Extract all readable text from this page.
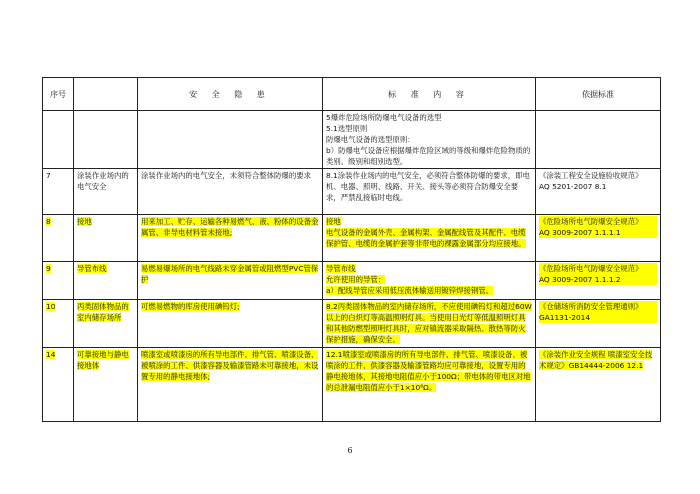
序号		安 全 隐 患	标 准 内 容	依据标准

			5爆炸危险场所防爆电气设备的选型
5.1选型原则
防爆电气设备的选型原则：
b）防爆电气设备应根据爆炸危险区域的等级和爆炸危险物质的类别、级别和组别选型。	

7	涂装作业场内的电气安全	涂装作业场内的电气安全，未须符合整体防爆的要求	8.1涂装作业场内的电气安全，必须符合整体防爆的要求，即电机、电器、照明、线路、开关、接头等必须符合防爆安全要求，严禁乱接临时电线。	《涂装工程安全设施验收规范》
AQ 5201-2007 8.1

8	接地	用来加工、贮存、运输各种易燃气、液、粉体的设备金属管、非导电材料管未接地;	接地
电气设备的金属外壳、金属构架、金属配线管及其配件、电缆保护管、电缆的金属护套等非带电的裸露金属部分均应接地。	《危险场所电气防爆安全规范》
AQ 3009-2007 1.1.1.1

9	导管布线	易燃易爆场所的电气线路未穿金属管或阻燃型PVC管保护	导管布线
允许使用的导管：
a）配线导管应采用低压流体输送用镀锌焊接钢管。	《危险场所电气防爆安全规范》
AQ 3009-2007 1.1.1.2

10	丙类固体物品的室内储存场所	可燃易燃物的库房使用碘钨灯;	8.2丙类固体物品的室内储存场所，不应使用碘钨灯和超过60W以上的白炽灯等高温照明灯具。当使用日光灯等低温照明灯具和其他防燃型照明灯具时，应对镇流器采取隔热、散热等防火保护措施，确保安全。	《仓储场所消防安全管理通则》
GA1131-2014

14	可靠接地与静电接地体	喷漆室或喷漆房的所有导电部件、排气管、喷漆设备、被喷涂的工件、供漆容器及输漆管路未可靠接地，未设置专用的静电接地体;	12.1喷漆室或喷漆房的所有导电部件、排气管、喷漆设备、被喷涂的工件、供漆容器及输漆管路均应可靠接地，设置专用的静电接地体，其接地电阻值应小于100Ω；带电体的带电区对地的总泄漏电阻值应小于1×10⁶Ω。	《涂装作业安全规程 喷漆室安全技术规定》GB14444-2006 12.1
6
